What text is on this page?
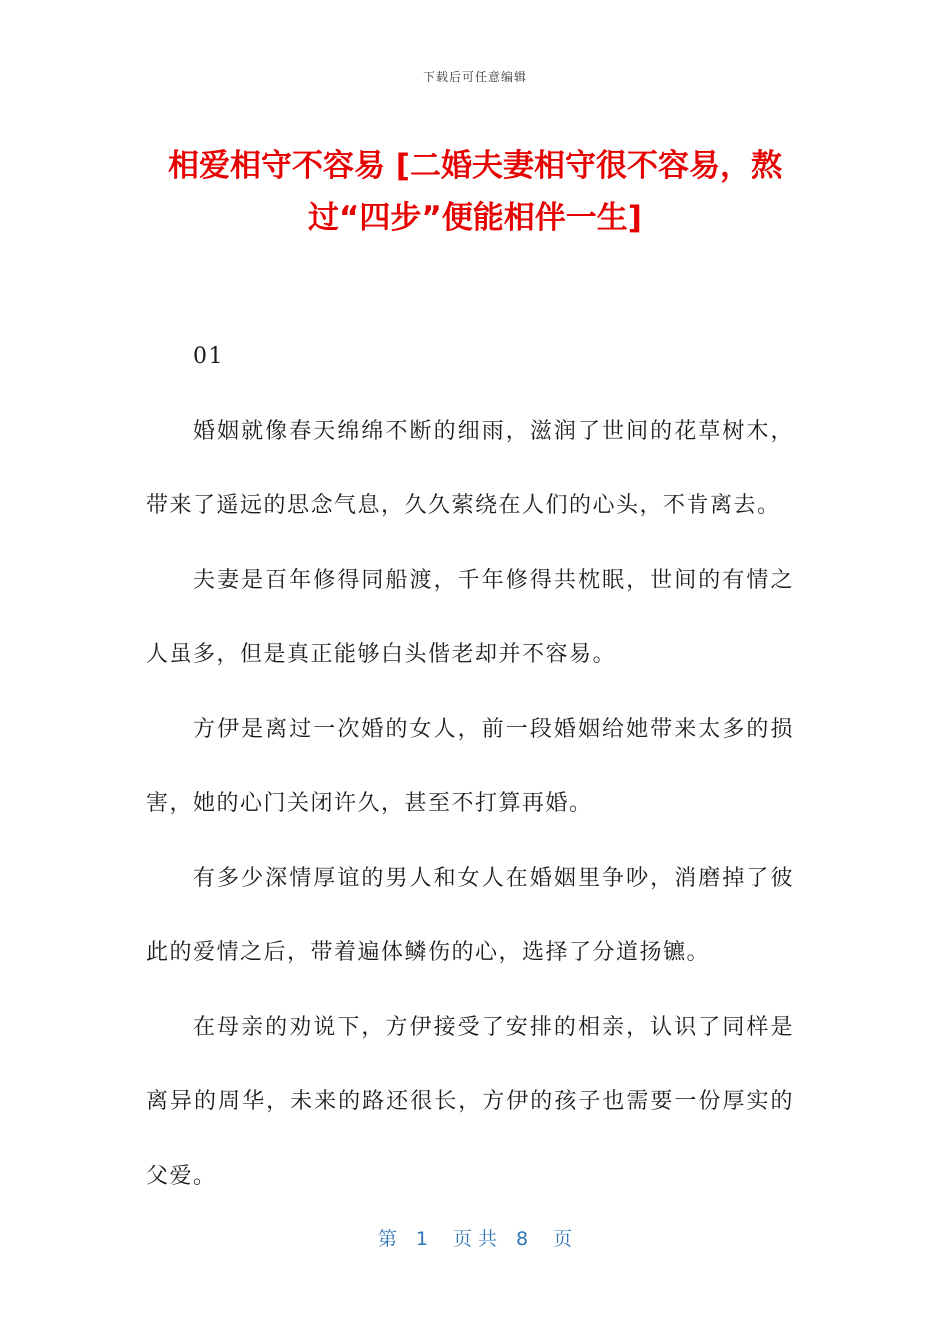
下载后可任意编辑
相爱相守不容易 [二婚夫妻相守很不容易，熬过“四步”便能相伴一生]

01

婚姻就像春天绵绵不断的细雨，滋润了世间的花草树木，带来了遥远的思念气息，久久萦绕在人们的心头，不肯离去。

夫妻是百年修得同船渡，千年修得共枕眠，世间的有情之人虽多，但是真正能够白头偕老却并不容易。

方伊是离过一次婚的女人，前一段婚姻给她带来太多的损害，她的心门关闭许久，甚至不打算再婚。

有多少深情厚谊的男人和女人在婚姻里争吵，消磨掉了彼此的爱情之后，带着遍体鳞伤的心，选择了分道扬镳。

在母亲的劝说下，方伊接受了安排的相亲，认识了同样是离异的周华，未来的路还很长，方伊的孩子也需要一份厚实的父爱。

第　1　 页 共　8　 页
